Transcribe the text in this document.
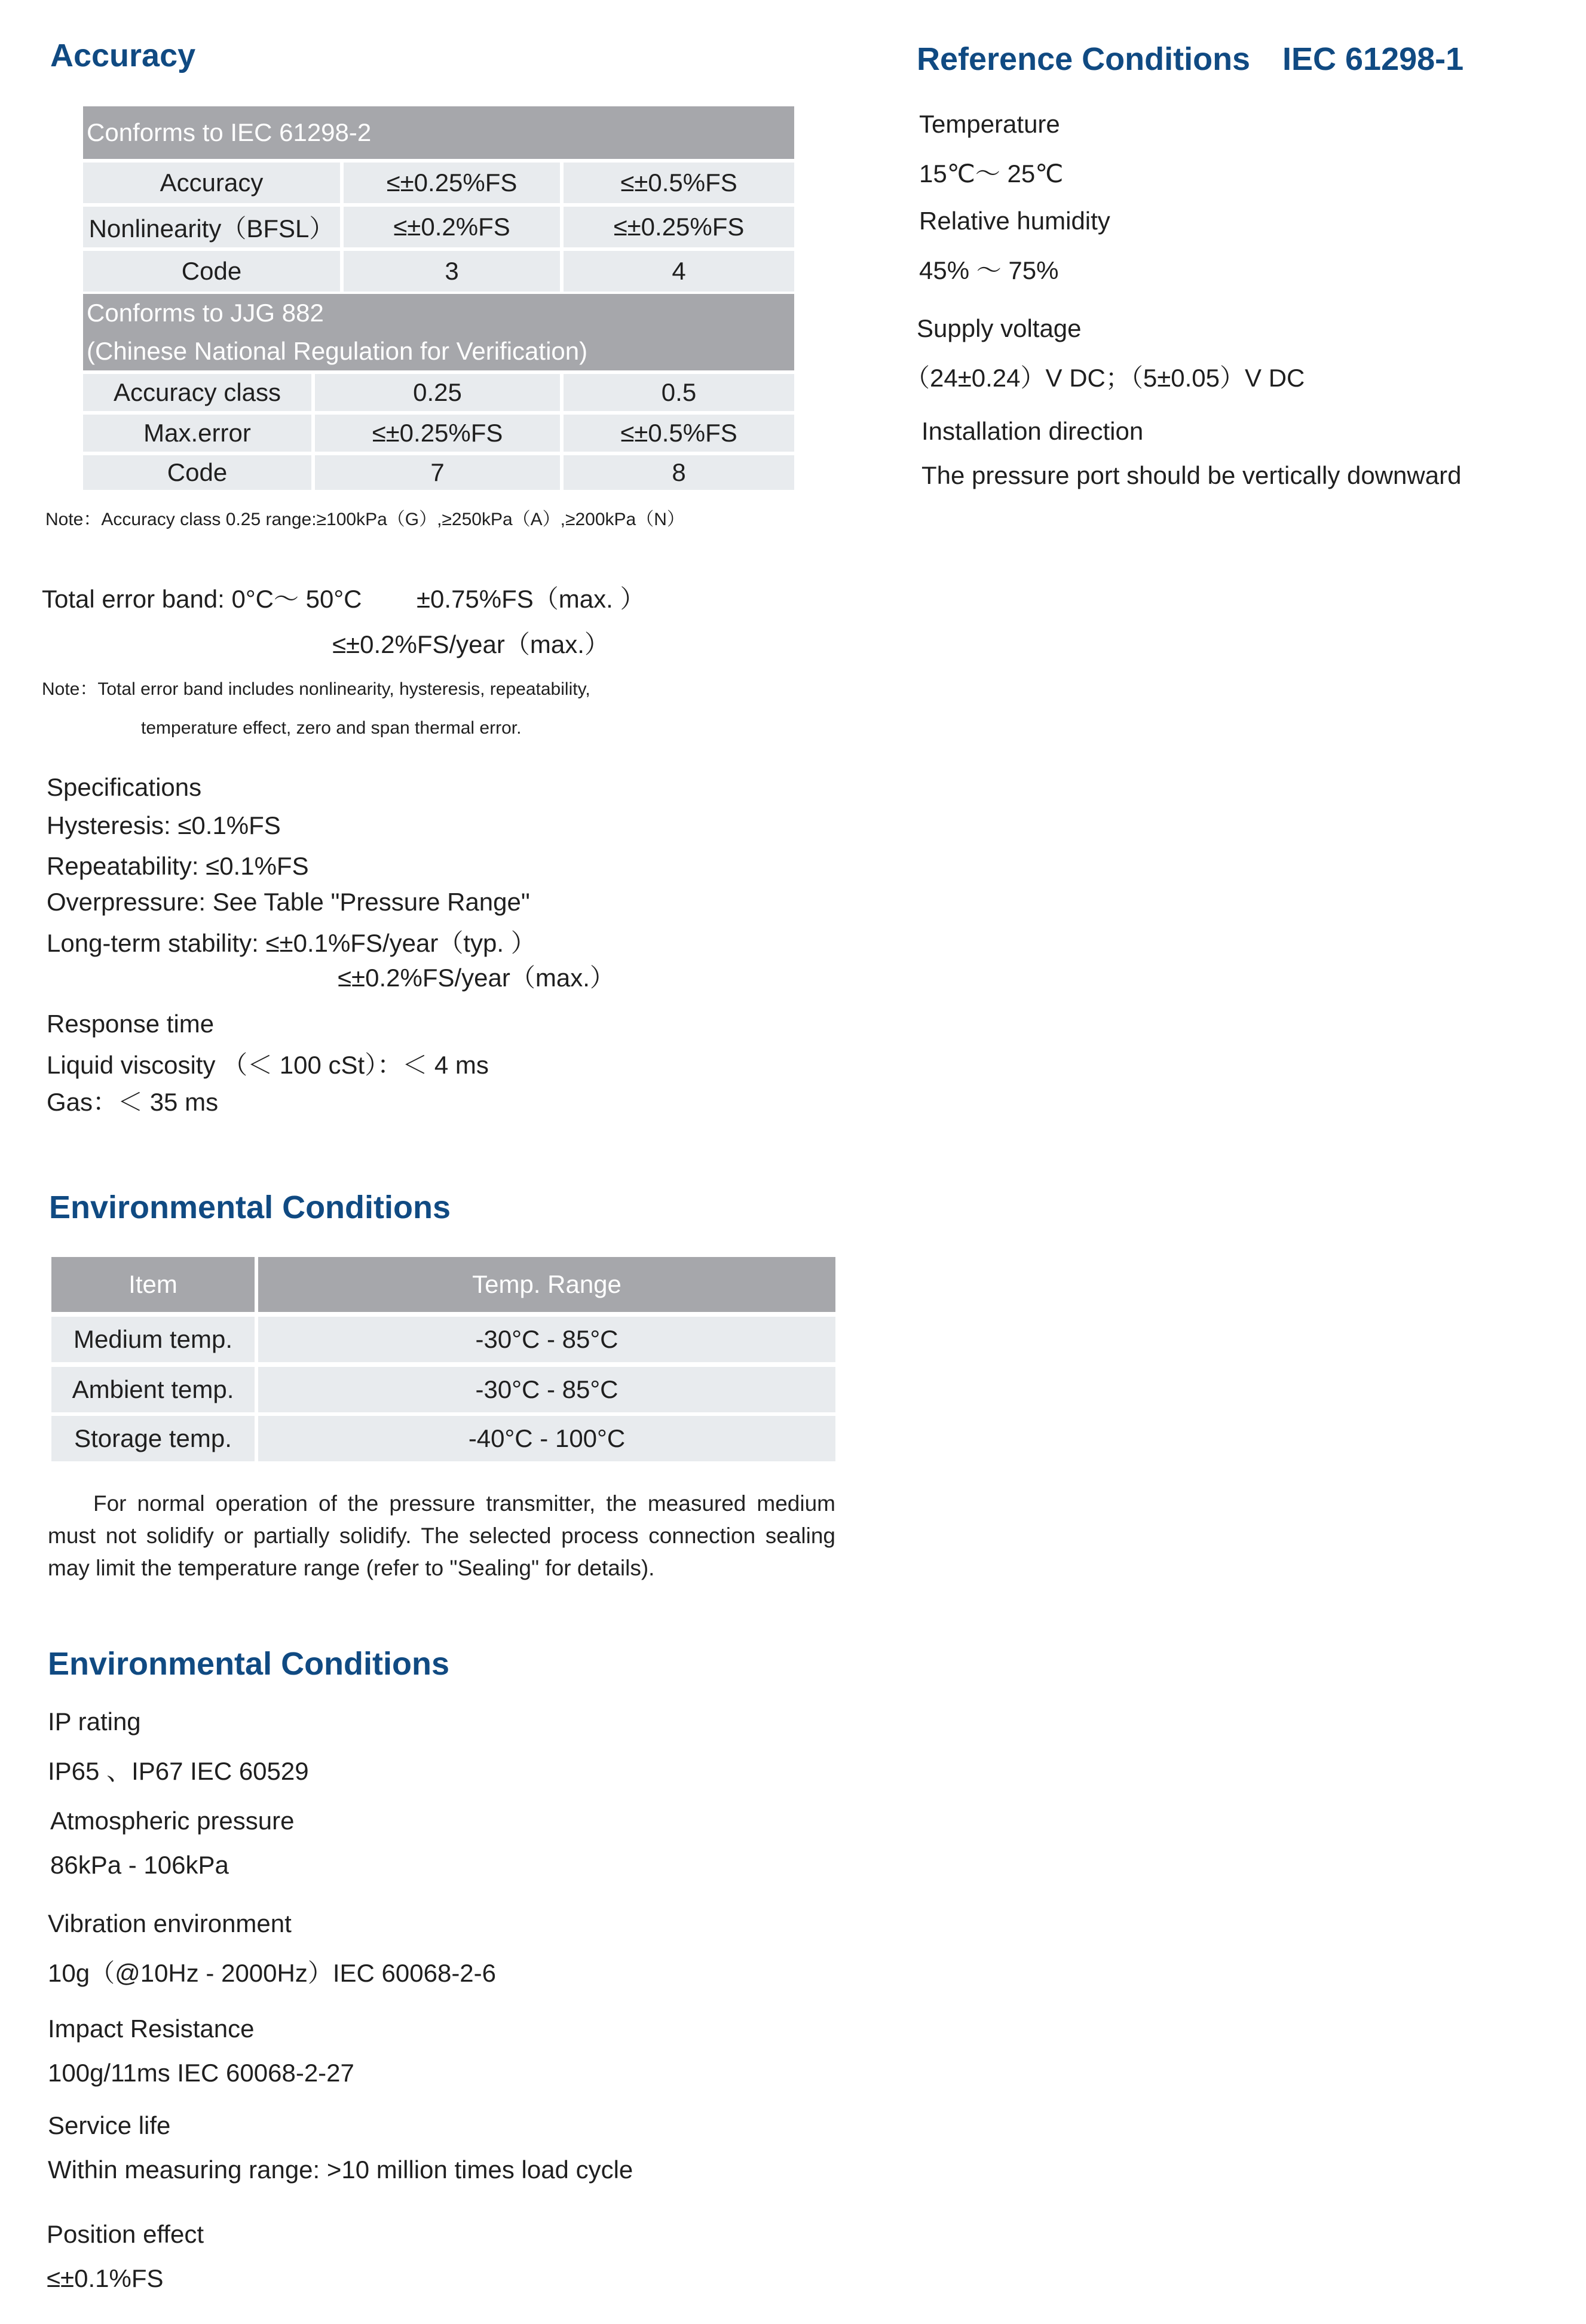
Accuracy
Conforms to IEC 61298-2
Accuracy	≤±0.25%FS	≤±0.5%FS
Nonlinearity（BFSL）	≤±0.2%FS	≤±0.25%FS
Code	3	4
Conforms to JJG 882
(Chinese National Regulation for Verification)
Accuracy class	0.25	0.5
Max.error	≤±0.25%FS	≤±0.5%FS
Code	7	8
Note：Accuracy class 0.25 range:≥100kPa（G）,≥250kPa（A）,≥200kPa（N）
Total error band: 0°C～ 50°C ±0.75%FS（max. ）
≤±0.2%FS/year（max.）
Note：Total error band includes nonlinearity, hysteresis, repeatability,
temperature effect, zero and span thermal error.
Specifications
Hysteresis: ≤0.1%FS
Repeatability: ≤0.1%FS
Overpressure: See Table "Pressure Range"
Long-term stability: ≤±0.1%FS/year（typ. ）
≤±0.2%FS/year（max.）
Response time
Liquid viscosity （＜ 100 cSt）：＜ 4 ms
Gas：＜ 35 ms
Environmental Conditions
Item	Temp. Range
Medium temp.	-30°C - 85°C
Ambient temp.	-30°C - 85°C
Storage temp.	-40°C - 100°C
For normal operation of the pressure transmitter, the measured medium must not solidify or partially solidify. The selected process connection sealing may limit the temperature range (refer to "Sealing" for details).
Environmental Conditions
IP rating
IP65 、IP67 IEC 60529
Atmospheric pressure
86kPa - 106kPa
Vibration environment
10g（@10Hz - 2000Hz）IEC 60068-2-6
Impact Resistance
100g/11ms IEC 60068-2-27
Service life
Within measuring range: >10 million times load cycle
Position effect
≤±0.1%FS
Reference Conditions IEC 61298-1
Temperature
15℃～ 25℃
Relative humidity
45% ～ 75%
Supply voltage
（24±0.24）V DC；（5±0.05）V DC
Installation direction
The pressure port should be vertically downward
